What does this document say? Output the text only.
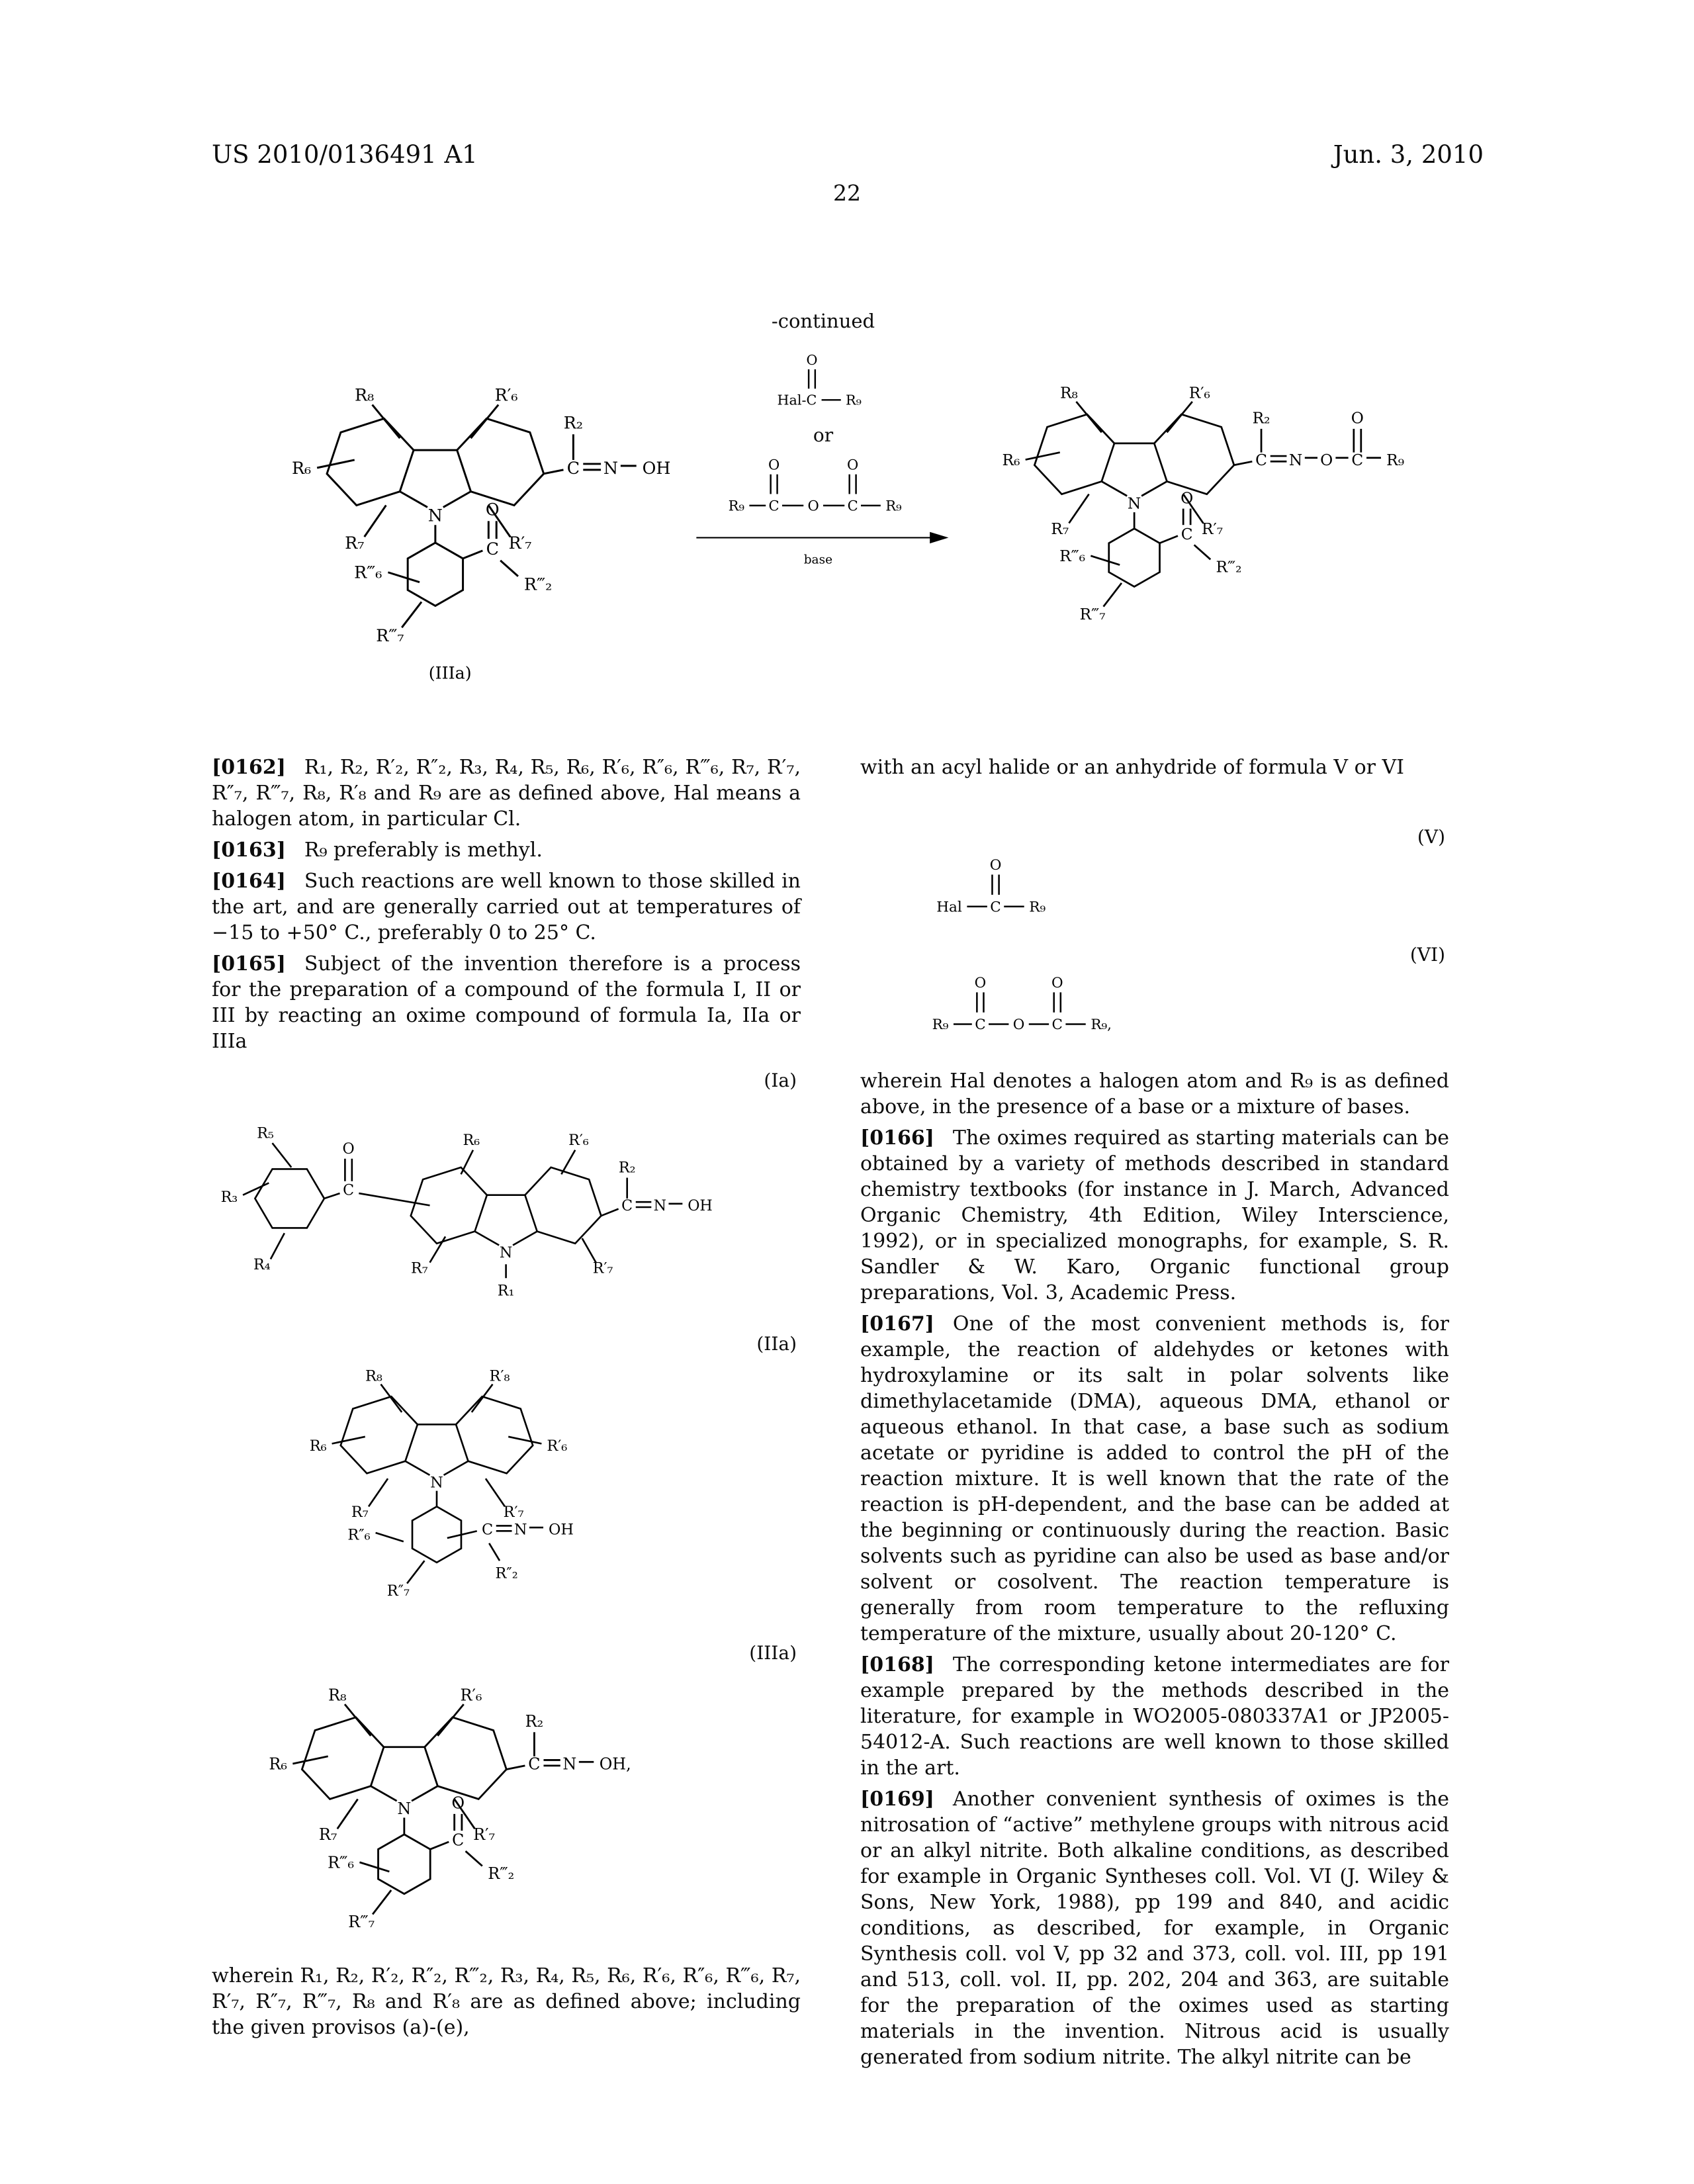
US 2010/0136491 A1	Jun. 3, 2010
22
-continued
R₈	R′₆
R₆
R₇	R′₇
N
R₂
C N OH
R‴₆
R‴₇
C
O
R‴₂
(IIIa)
O
Hal-C	R₉
or
R₉
O
C	O
O
C R₉

base
R₈	R′₆
R₆
R₇	R′₇
N
R₂
C N O C
O
R₉
R‴₆
R‴₇
C
O
R‴₂

[0162] R₁, R₂, R′₂, R″₂, R₃, R₄, R₅, R₆, R′₆, R″₆, R‴₆, R₇, R′₇, R″₇, R‴₇, R₈, R′₈ and R₉ are as defined above, Hal means a halogen atom, in particular Cl.

[0163] R₉ preferably is methyl.

[0164] Such reactions are well known to those skilled in the art, and are generally carried out at temperatures of −15 to +50° C., preferably 0 to 25° C.

[0165] Subject of the invention therefore is a process for the preparation of a compound of the formula I, II or III by reacting an oxime compound of formula Ia, IIa or IIIa

(Ia)
R₅
R₃
R₄
C
O
R₆
R₇
N
R₁
R′₆
R′₇
R₂
C N OH
(IIa)
R₈	R′₈
R₆	R′₆
R₇	R′₇
N
R″₆
R″₇
C N OH
R″₂
(IIIa)
R₈	R′₆
R₆
R₇	R′₇
N
R₂
C N OH,
R‴₆
R‴₇
C
O
R‴₂

wherein R₁, R₂, R′₂, R″₂, R‴₂, R₃, R₄, R₅, R₆, R′₆, R″₆, R‴₆, R₇, R′₇, R″₇, R‴₇, R₈ and R′₈ are as defined above; including the given provisos (a)-(e),

with an acyl halide or an anhydride of formula V or VI

(V)
Hal
O
C	R₉
(VI)
R₉
O
C O
O
C R₉,

wherein Hal denotes a halogen atom and R₉ is as defined above, in the presence of a base or a mixture of bases.

[0166] The oximes required as starting materials can be obtained by a variety of methods described in standard chemistry textbooks (for instance in J. March, Advanced Organic Chemistry, 4th Edition, Wiley Interscience, 1992), or in specialized monographs, for example, S. R. Sandler & W. Karo, Organic functional group preparations, Vol. 3, Academic Press.

[0167] One of the most convenient methods is, for example, the reaction of aldehydes or ketones with hydroxylamine or its salt in polar solvents like dimethylacetamide (DMA), aqueous DMA, ethanol or aqueous ethanol. In that case, a base such as sodium acetate or pyridine is added to control the pH of the reaction mixture. It is well known that the rate of the reaction is pH-dependent, and the base can be added at the beginning or continuously during the reaction. Basic solvents such as pyridine can also be used as base and/or solvent or cosolvent. The reaction temperature is generally from room temperature to the refluxing temperature of the mixture, usually about 20-120° C.

[0168] The corresponding ketone intermediates are for example prepared by the methods described in the literature, for example in WO2005-080337A1 or JP2005-54012-A. Such reactions are well known to those skilled in the art.

[0169] Another convenient synthesis of oximes is the nitrosation of “active” methylene groups with nitrous acid or an alkyl nitrite. Both alkaline conditions, as described for example in Organic Syntheses coll. Vol. VI (J. Wiley & Sons, New York, 1988), pp 199 and 840, and acidic conditions, as described, for example, in Organic Synthesis coll. vol V, pp 32 and 373, coll. vol. III, pp 191 and 513, coll. vol. II, pp. 202, 204 and 363, are suitable for the preparation of the oximes used as starting materials in the invention. Nitrous acid is usually generated from sodium nitrite. The alkyl nitrite can be
